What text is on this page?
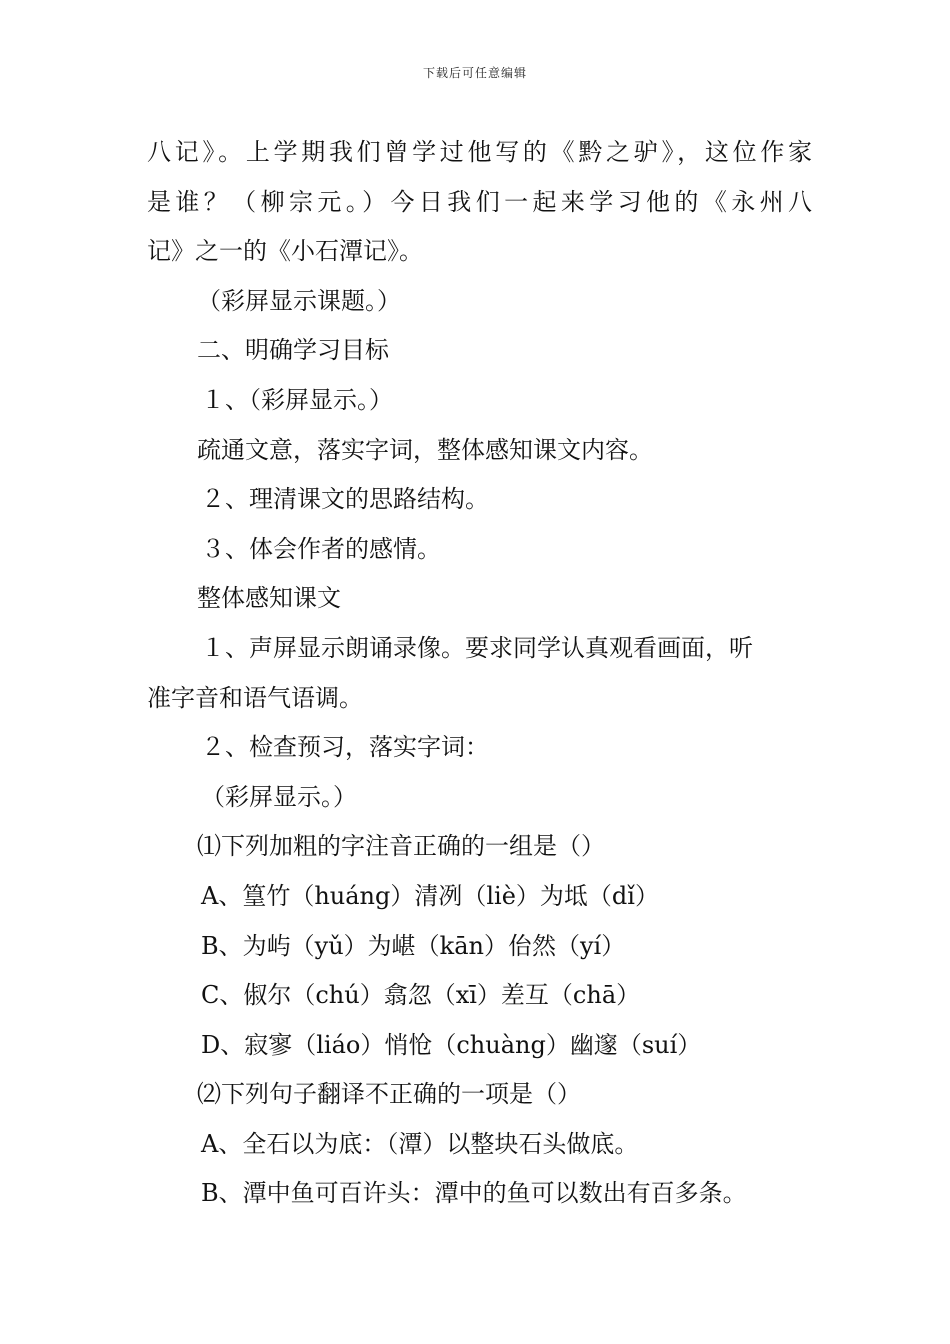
下载后可任意编辑
八记》。上学期我们曾学过他写的《黔之驴》，这位作家
是谁？（柳宗元。）今日我们一起来学习他的《永州八
记》之一的《小石潭记》。
（彩屏显示课题。）
二、明确学习目标
１、（彩屏显示。）
疏通文意，落实字词，整体感知课文内容。
２、理清课文的思路结构。
３、体会作者的感情。
整体感知课文
１、声屏显示朗诵录像。要求同学认真观看画面，听
准字音和语气语调。
２、检查预习，落实字词：
（彩屏显示。）
⑴下列加粗的字注音正确的一组是（）
A、篁竹（huáng）清冽（liè）为坻（dǐ）
B、为屿（yǔ）为嵁（kān）佁然（yí）
C、俶尔（chú）翕忽（xī）差互（chā）
D、寂寥（liáo）悄怆（chuàng）幽邃（suí）
⑵下列句子翻译不正确的一项是（）
A、全石以为底：（潭）以整块石头做底。
B、潭中鱼可百许头：潭中的鱼可以数出有百多条。
